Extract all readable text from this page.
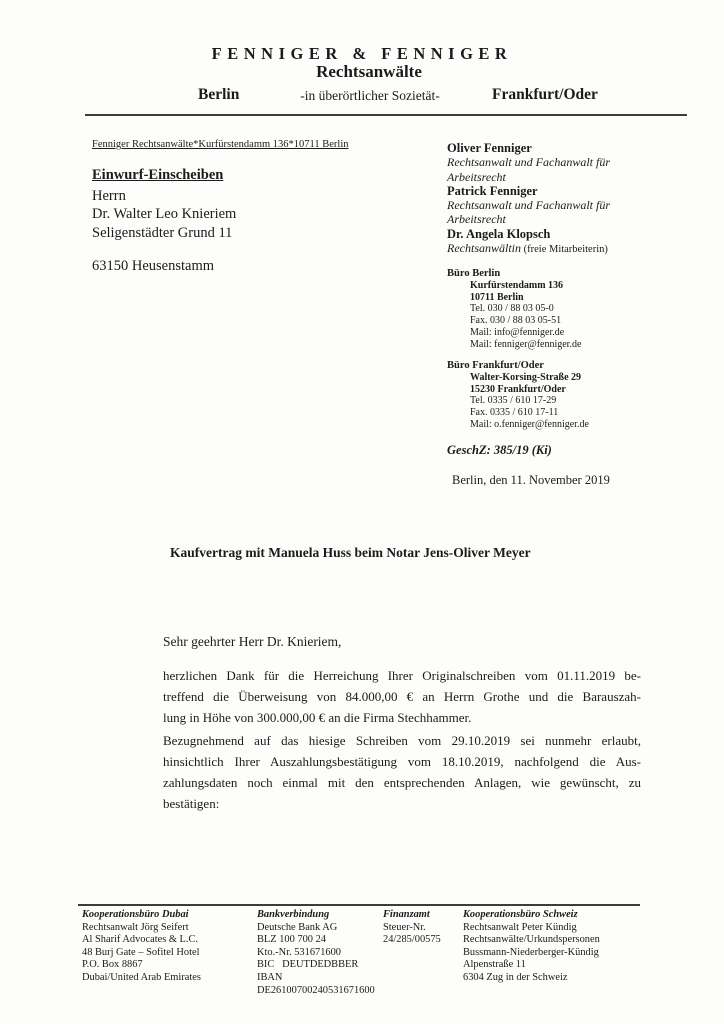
FENNIGER & FENNIGER
Rechtsanwälte
Berlin	-in überörtlicher Sozietät-	Frankfurt/Oder
Fenniger Rechtsanwälte*Kurfürstendamm 136*10711 Berlin
Einwurf-Einscheiben
Herrn
Dr. Walter Leo Knieriem
Seligenstädter Grund 11
63150 Heusenstamm
Oliver Fenniger
Rechtsanwalt und Fachanwalt für Arbeitsrecht
Patrick Fenniger
Rechtsanwalt und Fachanwalt für Arbeitsrecht
Dr. Angela Klopsch
Rechtsanwältin (freie Mitarbeiterin)
Büro Berlin
Kurfürstendamm 136
10711 Berlin
Tel. 030 / 88 03 05-0
Fax. 030 / 88 03 05-51
Mail: info@fenniger.de
Mail: fenniger@fenniger.de
Büro Frankfurt/Oder
Walter-Korsing-Straße 29
15230 Frankfurt/Oder
Tel. 0335 / 610 17-29
Fax. 0335 / 610 17-11
Mail: o.fenniger@fenniger.de
GeschZ: 385/19 (Ki)
Berlin, den 11. November 2019
Kaufvertrag mit Manuela Huss beim Notar Jens-Oliver Meyer
Sehr geehrter Herr Dr. Knieriem,
herzlichen Dank für die Herreichung Ihrer Originalschreiben vom 01.11.2019 be-
treffend die Überweisung von 84.000,00 € an Herrn Grothe und die Barauszah-
lung in Höhe von 300.000,00 € an die Firma Stechhammer.
Bezugnehmend auf das hiesige Schreiben vom 29.10.2019 sei nunmehr erlaubt,
hinsichtlich Ihrer Auszahlungsbestätigung vom 18.10.2019, nachfolgend die Aus-
zahlungsdaten noch einmal mit den entsprechenden Anlagen, wie gewünscht, zu
bestätigen:
Kooperationsbüro Dubai
Rechtsanwalt Jörg Seifert
Al Sharif Advocates & L.C.
48 Burj Gate – Sofitel Hotel
P.O. Box 8867
Dubai/United Arab Emirates
Bankverbindung
Deutsche Bank AG
BLZ 100 700 24
Kto.-Nr. 531671600
BIC   DEUTDEDBBER
IBAN DE26100700240531671600
Finanzamt
Steuer-Nr.
24/285/00575
Kooperationsbüro Schweiz
Rechtsanwalt Peter Kündig
Rechtsanwälte/Urkundspersonen
Bussmann-Niederberger-Kündig
Alpenstraße 11
6304 Zug in der Schweiz
